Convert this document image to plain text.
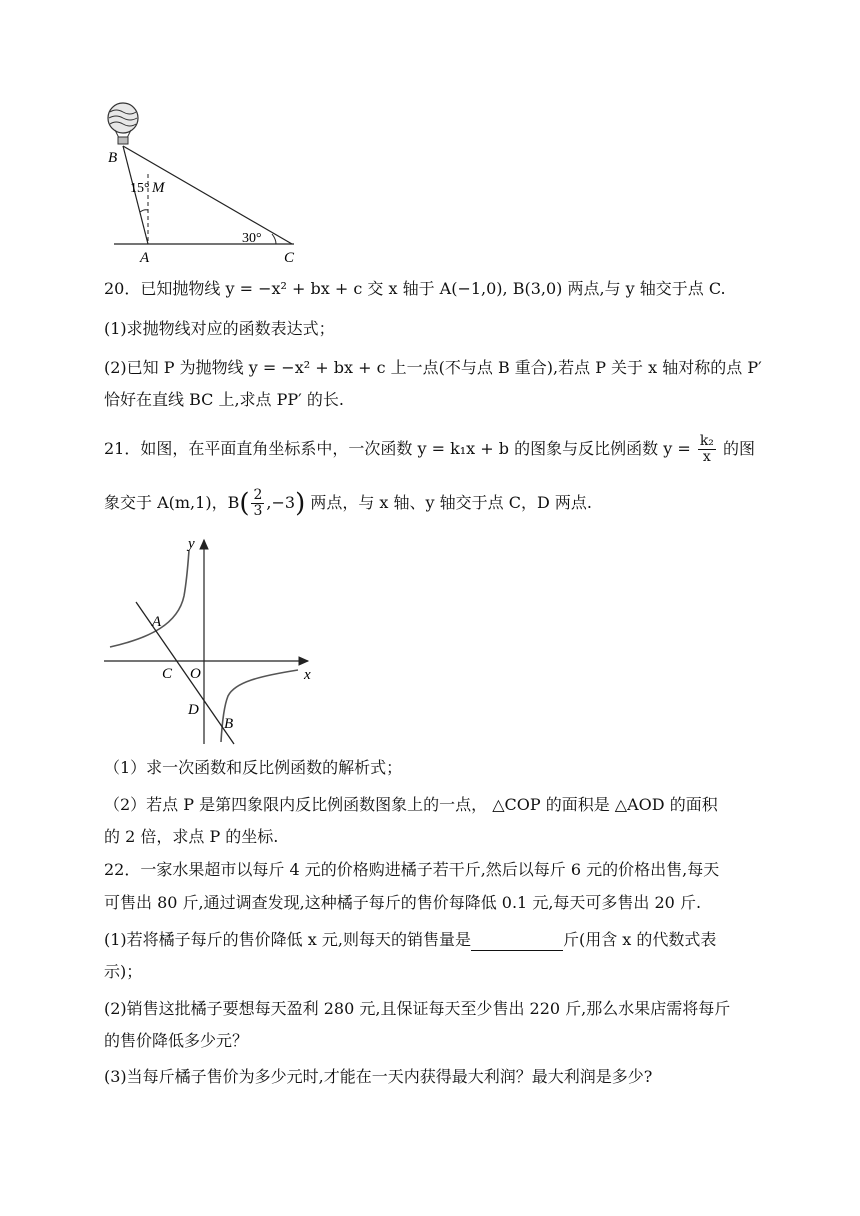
B
15° M
30°
A	C
20．已知抛物线 y = −x² + bx + c 交 x 轴于 A(−1,0), B(3,0) 两点,与 y 轴交于点 C.
(1)求抛物线对应的函数表达式；
(2)已知 P 为抛物线 y = −x² + bx + c 上一点(不与点 B 重合),若点 P 关于 x 轴对称的点 P′
恰好在直线 BC 上,求点 PP′ 的长.
21．如图，在平面直角坐标系中，一次函数 y = k₁x + b 的图象与反比例函数 $y = \frac{\text{k₂}}{x}$ 的图
象交于 A(m,1)，$B( \frac{2}{3} ,-3)$ 两点，与 x 轴、y 轴交于点 C，D 两点.
y
x
A
C O
D
B
（1）求一次函数和反比例函数的解析式；
（2）若点 P 是第四象限内反比例函数图象上的一点， △COP 的面积是 △AOD 的面积
的 2 倍，求点 P 的坐标.
22．一家水果超市以每斤 4 元的价格购进橘子若干斤,然后以每斤 6 元的价格出售,每天
可售出 80 斤,通过调查发现,这种橘子每斤的售价每降低 0.1 元,每天可多售出 20 斤.
(1)若将橘子每斤的售价降低 x 元,则每天的销售量是	斤(用含 x 的代数式表
示)；
(2)销售这批橘子要想每天盈利 280 元,且保证每天至少售出 220 斤,那么水果店需将每斤
的售价降低多少元？
(3)当每斤橘子售价为多少元时,才能在一天内获得最大利润？最大利润是多少?
